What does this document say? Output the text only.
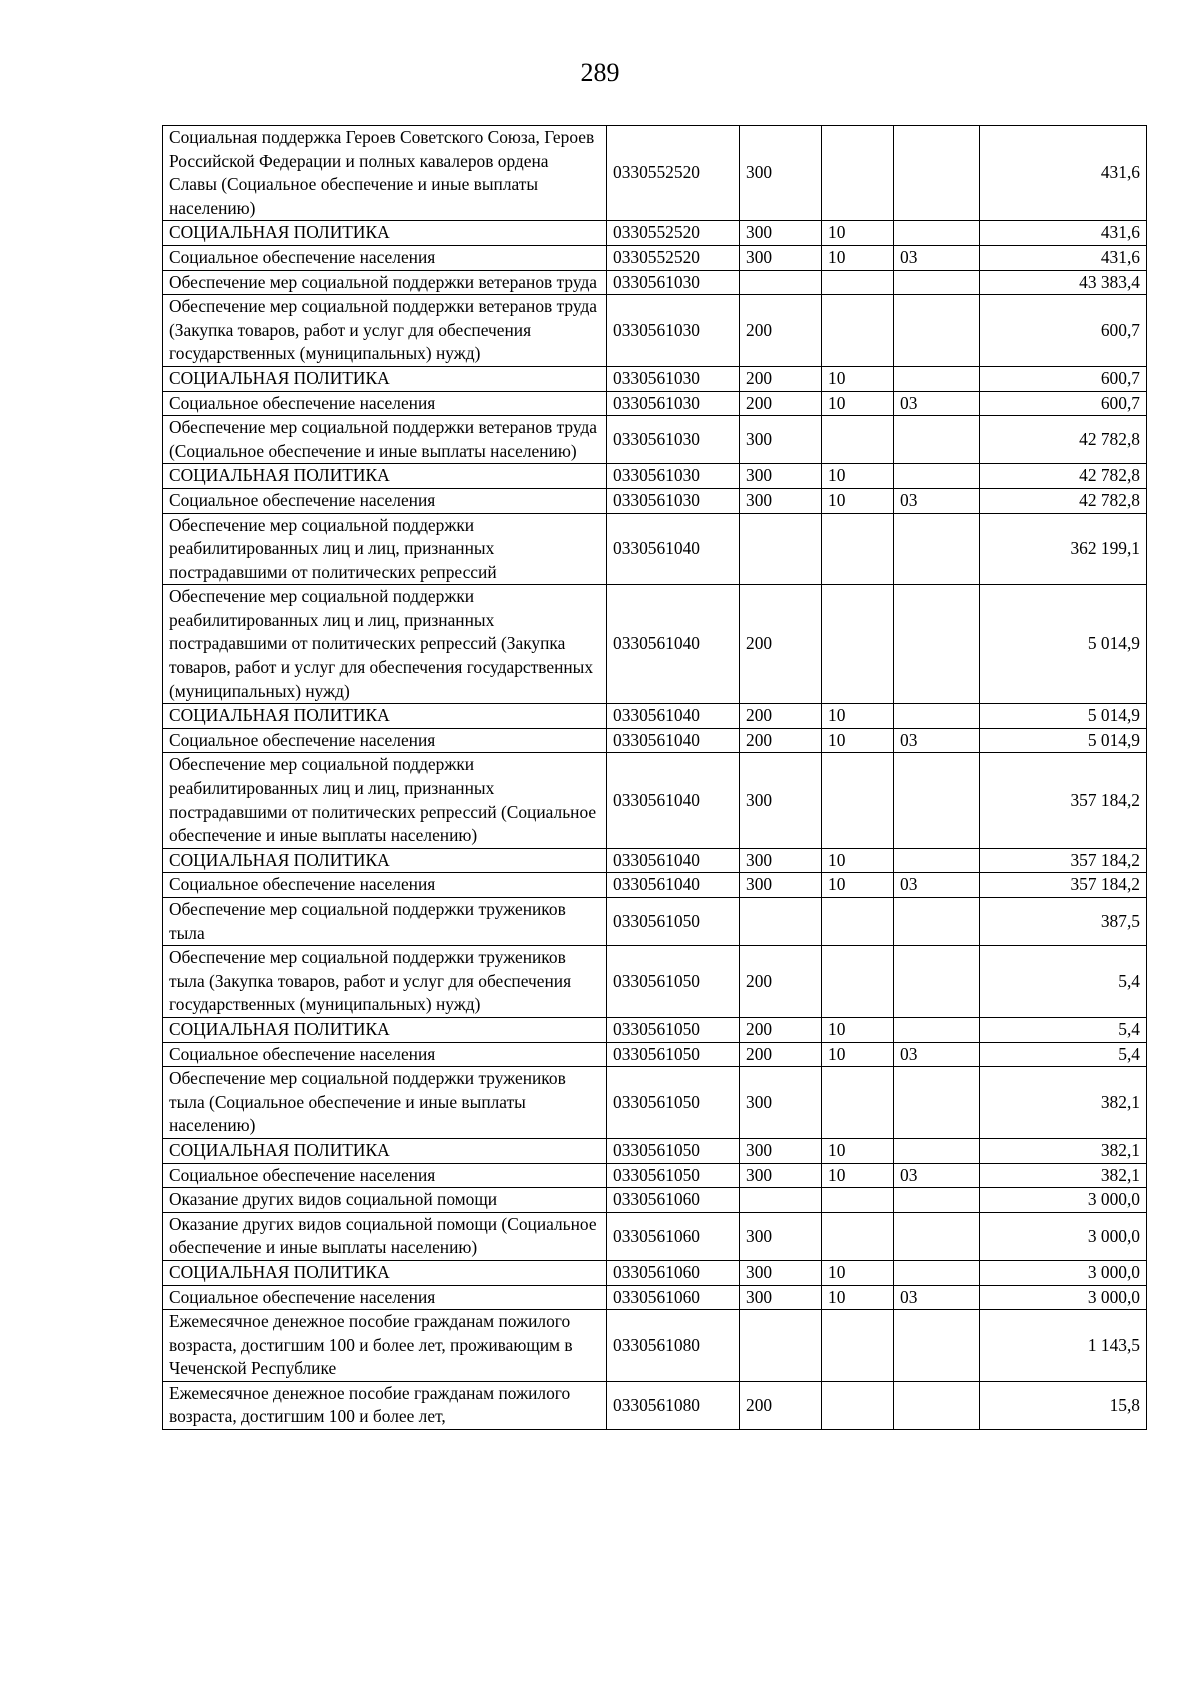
289
Социальная поддержка Героев Советского Союза, Героев Российской Федерации и полных кавалеров ордена Славы (Социальное обеспечение и иные выплаты населению)	0330552520	300			431,6
СОЦИАЛЬНАЯ ПОЛИТИКА	0330552520	300	10		431,6
Социальное обеспечение населения	0330552520	300	10	03	431,6
Обеспечение мер социальной поддержки ветеранов труда	0330561030				43 383,4
Обеспечение мер социальной поддержки ветеранов труда (Закупка товаров, работ и услуг для обеспечения государственных (муниципальных) нужд)	0330561030	200			600,7
СОЦИАЛЬНАЯ ПОЛИТИКА	0330561030	200	10		600,7
Социальное обеспечение населения	0330561030	200	10	03	600,7
Обеспечение мер социальной поддержки ветеранов труда (Социальное обеспечение и иные выплаты населению)	0330561030	300			42 782,8
СОЦИАЛЬНАЯ ПОЛИТИКА	0330561030	300	10		42 782,8
Социальное обеспечение населения	0330561030	300	10	03	42 782,8
Обеспечение мер социальной поддержки реабилитированных лиц и лиц, признанных пострадавшими от политических репрессий	0330561040				362 199,1
Обеспечение мер социальной поддержки реабилитированных лиц и лиц, признанных пострадавшими от политических репрессий (Закупка товаров, работ и услуг для обеспечения государственных (муниципальных) нужд)	0330561040	200			5 014,9
СОЦИАЛЬНАЯ ПОЛИТИКА	0330561040	200	10		5 014,9
Социальное обеспечение населения	0330561040	200	10	03	5 014,9
Обеспечение мер социальной поддержки реабилитированных лиц и лиц, признанных пострадавшими от политических репрессий (Социальное обеспечение и иные выплаты населению)	0330561040	300			357 184,2
СОЦИАЛЬНАЯ ПОЛИТИКА	0330561040	300	10		357 184,2
Социальное обеспечение населения	0330561040	300	10	03	357 184,2
Обеспечение мер социальной поддержки тружеников тыла	0330561050				387,5
Обеспечение мер социальной поддержки тружеников тыла (Закупка товаров, работ и услуг для обеспечения государственных (муниципальных) нужд)	0330561050	200			5,4
СОЦИАЛЬНАЯ ПОЛИТИКА	0330561050	200	10		5,4
Социальное обеспечение населения	0330561050	200	10	03	5,4
Обеспечение мер социальной поддержки тружеников тыла (Социальное обеспечение и иные выплаты населению)	0330561050	300			382,1
СОЦИАЛЬНАЯ ПОЛИТИКА	0330561050	300	10		382,1
Социальное обеспечение населения	0330561050	300	10	03	382,1
Оказание других видов социальной помощи	0330561060				3 000,0
Оказание других видов социальной помощи (Социальное обеспечение и иные выплаты населению)	0330561060	300			3 000,0
СОЦИАЛЬНАЯ ПОЛИТИКА	0330561060	300	10		3 000,0
Социальное обеспечение населения	0330561060	300	10	03	3 000,0
Ежемесячное денежное пособие гражданам пожилого возраста, достигшим 100 и более лет, проживающим в Чеченской Республике	0330561080				1 143,5
Ежемесячное денежное пособие гражданам пожилого возраста, достигшим 100 и более лет,	0330561080	200			15,8
